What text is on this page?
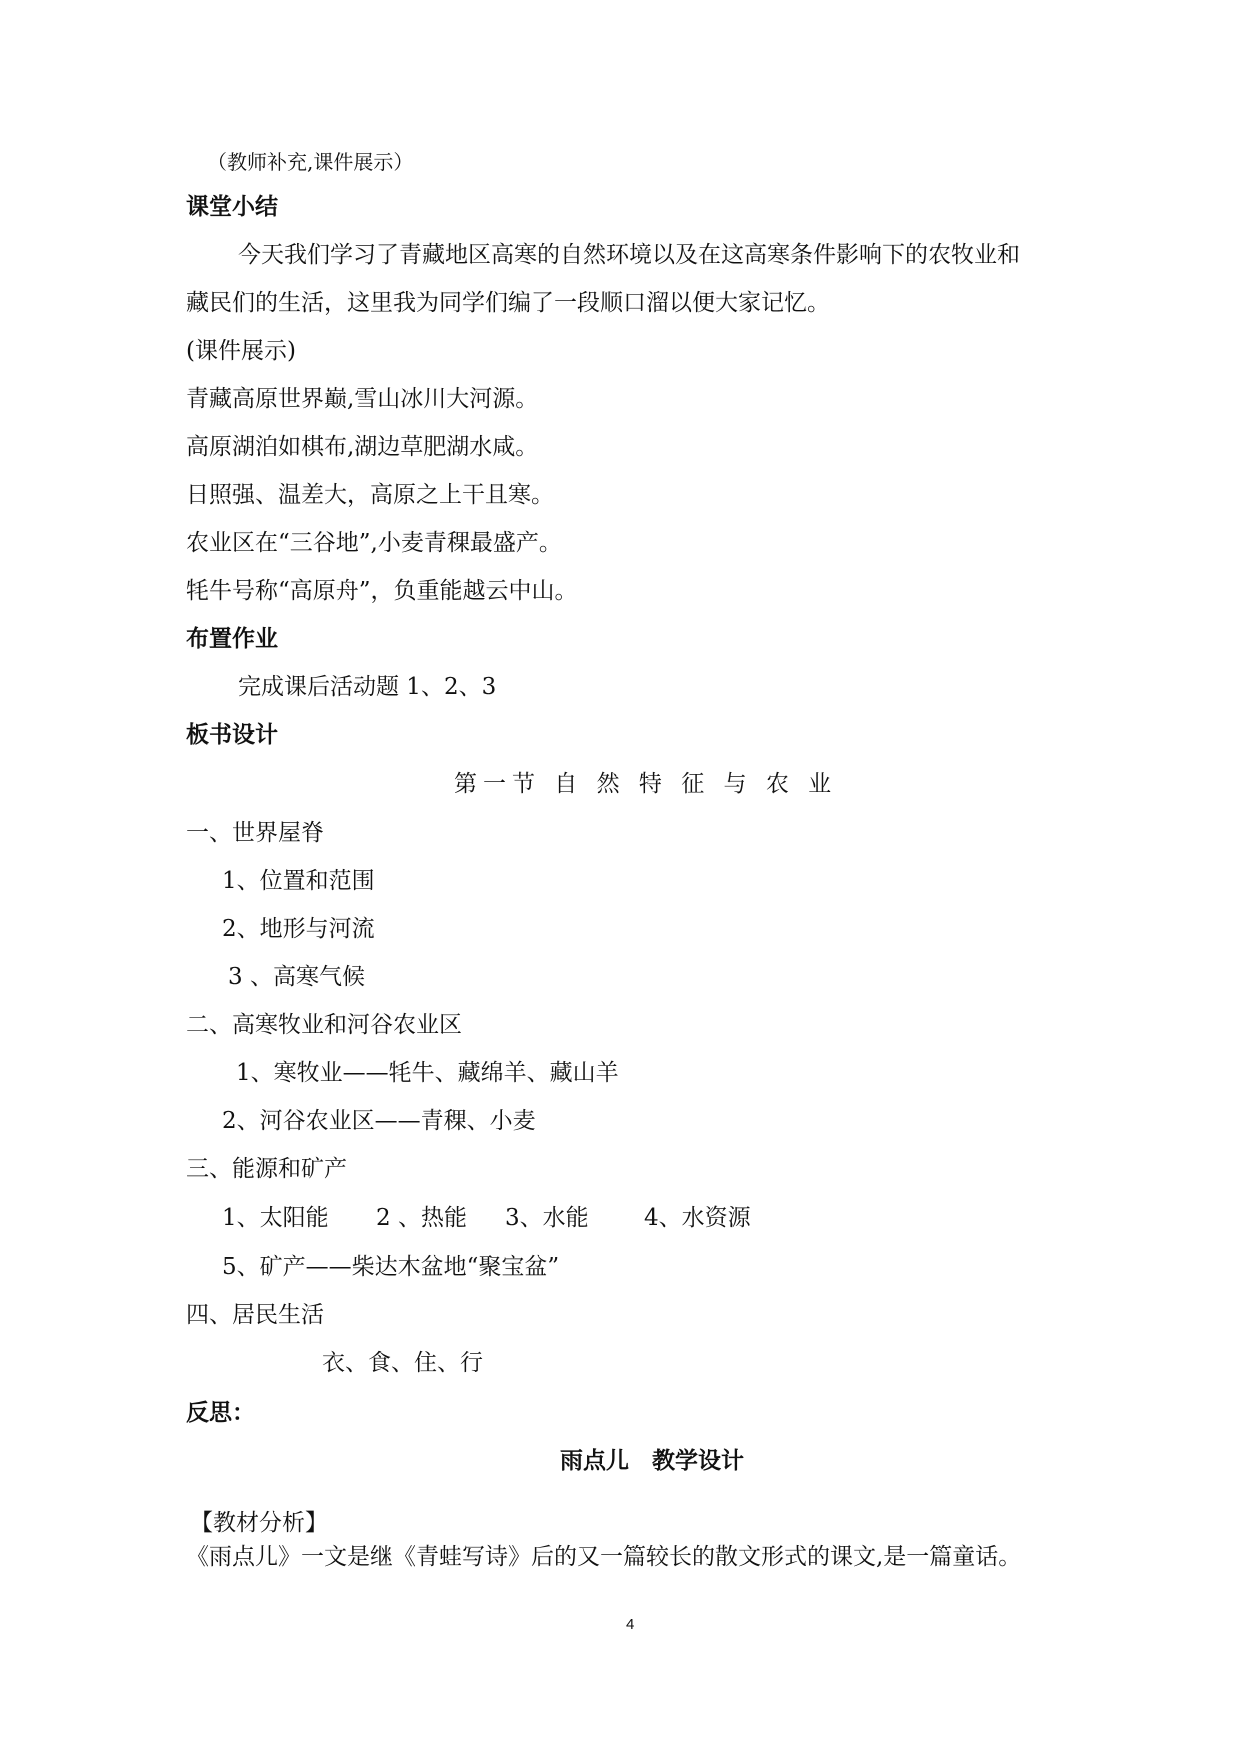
（教师补充,课件展示）
课堂小结
今天我们学习了青藏地区高寒的自然环境以及在这高寒条件影响下的农牧业和
藏民们的生活，这里我为同学们编了一段顺口溜以便大家记忆。
(课件展示)
青藏高原世界巅,雪山冰川大河源。
高原湖泊如棋布,湖边草肥湖水咸。
日照强、温差大，高原之上干且寒。
农业区在“三谷地”,小麦青稞最盛产。
牦牛号称“高原舟”，负重能越云中山。
布置作业
完成课后活动题 1、2、3
板书设计
第一节 自 然 特 征 与 农 业
一、世界屋脊
1、位置和范围
2、地形与河流
3 、高寒气候
二、高寒牧业和河谷农业区
1、寒牧业——牦牛、藏绵羊、藏山羊
2、河谷农业区——青稞、小麦
三、能源和矿产
1、太阳能 2 、热能 3、水能 4、水资源
5、矿产——柴达木盆地“聚宝盆”
四、居民生活
衣、食、住、行
反思：
雨点儿　教学设计
【教材分析】
《雨点儿》一文是继《青蛙写诗》后的又一篇较长的散文形式的课文,是一篇童话。
4
